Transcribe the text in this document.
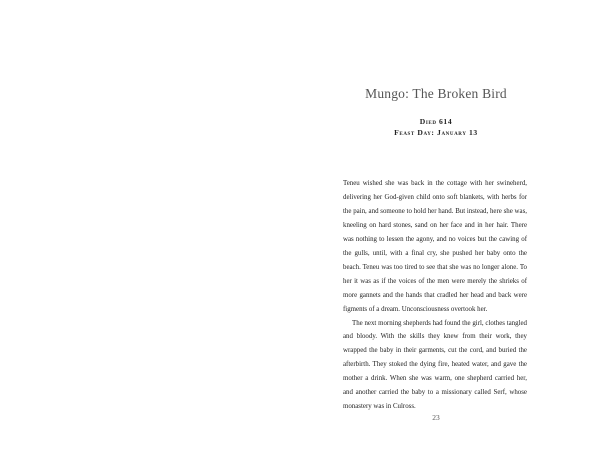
Mungo: The Broken Bird
Died 614
Feast Day: January 13

Teneu wished she was back in the cottage with her swineherd, delivering her God-given child onto soft blankets, with herbs for the pain, and someone to hold her hand. But instead, here she was, kneeling on hard stones, sand on her face and in her hair. There was nothing to lessen the agony, and no voices but the cawing of the gulls, until, with a final cry, she pushed her baby onto the beach. Teneu was too tired to see that she was no longer alone. To her it was as if the voices of the men were merely the shrieks of more gannets and the hands that cradled her head and back were figments of a dream. Unconsciousness overtook her.

The next morning shepherds had found the girl, clothes tangled and bloody. With the skills they knew from their work, they wrapped the baby in their garments, cut the cord, and buried the afterbirth. They stoked the dying fire, heated water, and gave the mother a drink. When she was warm, one shepherd carried her, and another carried the baby to a missionary called Serf, whose monastery was in Culross.

23
